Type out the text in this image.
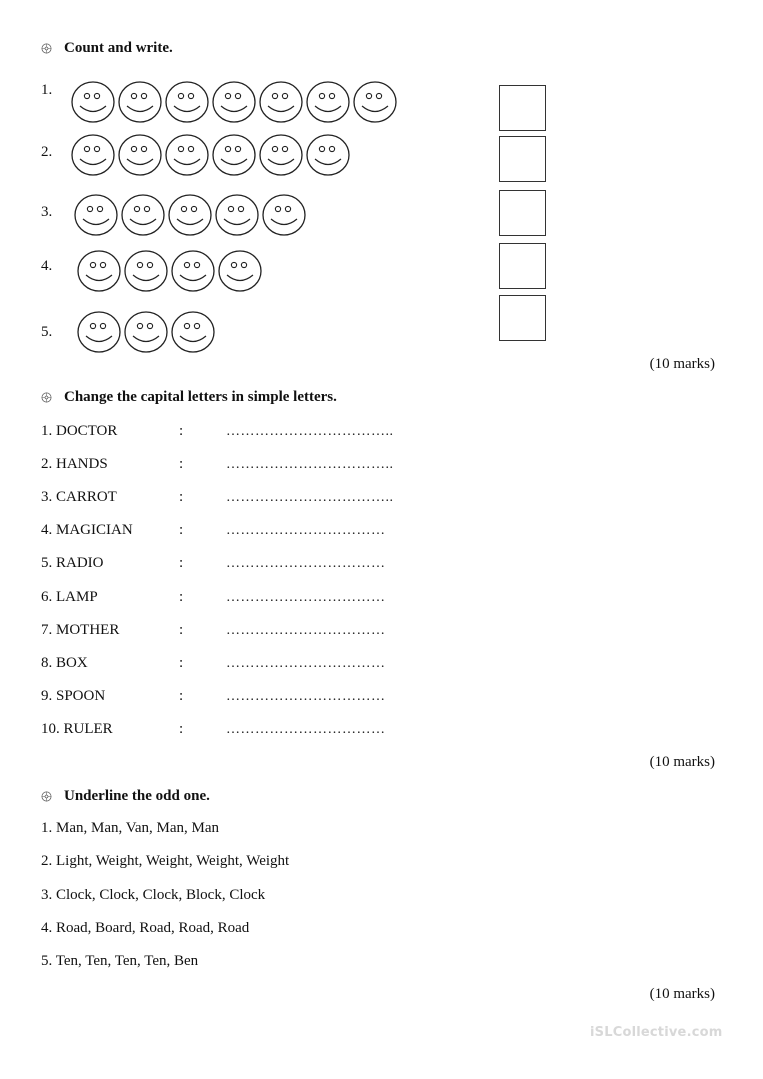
Count and write.
1.
2.
3.
4.
5.
(10 marks)
Change the capital letters in simple letters.
1. DOCTOR	:	……………………………..
2. HANDS	:	……………………………..
3. CARROT	:	……………………………..
4. MAGICIAN	:	……………………………
5. RADIO	:	……………………………
6. LAMP	:	……………………………
7. MOTHER	:	……………………………
8. BOX	:	……………………………
9. SPOON	:	……………………………
10. RULER	:	……………………………
(10 marks)
Underline the odd one.
1. Man, Man, Van, Man, Man
2. Light, Weight, Weight, Weight, Weight
3. Clock, Clock, Clock, Block, Clock
4. Road, Board, Road, Road, Road
5. Ten, Ten, Ten, Ten, Ben
(10 marks)
iSLCollective.com
